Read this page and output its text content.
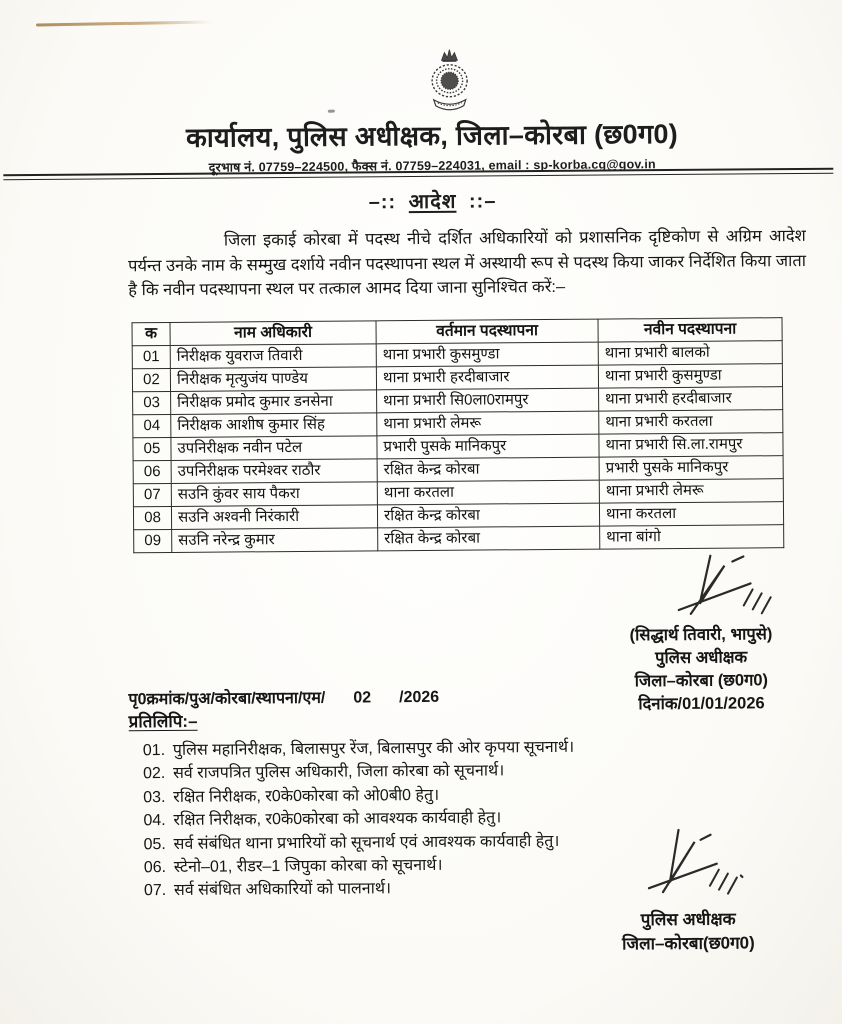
कार्यालय, पुलिस अधीक्षक, जिला–कोरबा (छ0ग0)
दूरभाष नं. 07759–224500, फैक्स नं. 07759–224031, email : sp-korba.cg@gov.in
–:: आदेश ::–
जिला इकाई कोरबा में पदस्थ नीचे दर्शित अधिकारियों को प्रशासनिक दृष्टिकोण से अग्रिम आदेश पर्यन्त उनके नाम के सम्मुख दर्शाये नवीन पदस्थापना स्थल में अस्थायी रूप से पदस्थ किया जाकर निर्देशित किया जाता है कि नवीन पदस्थापना स्थल पर तत्काल आमद दिया जाना सुनिश्चित करें:–
क	नाम अधिकारी	वर्तमान पदस्थापना	नवीन पदस्थापना
01	निरीक्षक युवराज तिवारी	थाना प्रभारी कुसमुण्डा	थाना प्रभारी बालको
02	निरीक्षक मृत्युजंय पाण्डेय	थाना प्रभारी हरदीबाजार	थाना प्रभारी कुसमुण्डा
03	निरीक्षक प्रमोद कुमार डनसेना	थाना प्रभारी सि0ला0रामपुर	थाना प्रभारी हरदीबाजार
04	निरीक्षक आशीष कुमार सिंह	थाना प्रभारी लेमरू	थाना प्रभारी करतला
05	उपनिरीक्षक नवीन पटेल	प्रभारी पुसके मानिकपुर	थाना प्रभारी सि.ला.रामपुर
06	उपनिरीक्षक परमेश्वर राठौर	रक्षित केन्द्र कोरबा	प्रभारी पुसके मानिकपुर
07	सउनि कुंवर साय पैकरा	थाना करतला	थाना प्रभारी लेमरू
08	सउनि अश्वनी निरंकारी	रक्षित केन्द्र कोरबा	थाना करतला
09	सउनि नरेन्द्र कुमार	रक्षित केन्द्र कोरबा	थाना बांगो
(सिद्धार्थ तिवारी, भापुसे)
पुलिस अधीक्षक
जिला–कोरबा (छ0ग0)
दिनांक/01/01/2026
पृ0क्रमांक/पुअ/कोरबा/स्थापना/एम/ 02 /2026
प्रतिलिपि:–
01. पुलिस महानिरीक्षक, बिलासपुर रेंज, बिलासपुर की ओर कृपया सूचनार्थ।
02. सर्व राजपत्रित पुलिस अधिकारी, जिला कोरबा को सूचनार्थ।
03. रक्षित निरीक्षक, र0के0कोरबा को ओ0बी0 हेतु।
04. रक्षित निरीक्षक, र0के0कोरबा को आवश्यक कार्यवाही हेतु।
05. सर्व संबंधित थाना प्रभारियों को सूचनार्थ एवं आवश्यक कार्यवाही हेतु।
06. स्टेनो–01, रीडर–1 जिपुका कोरबा को सूचनार्थ।
07. सर्व संबंधित अधिकारियों को पालनार्थ।
पुलिस अधीक्षक
जिला–कोरबा(छ0ग0)
